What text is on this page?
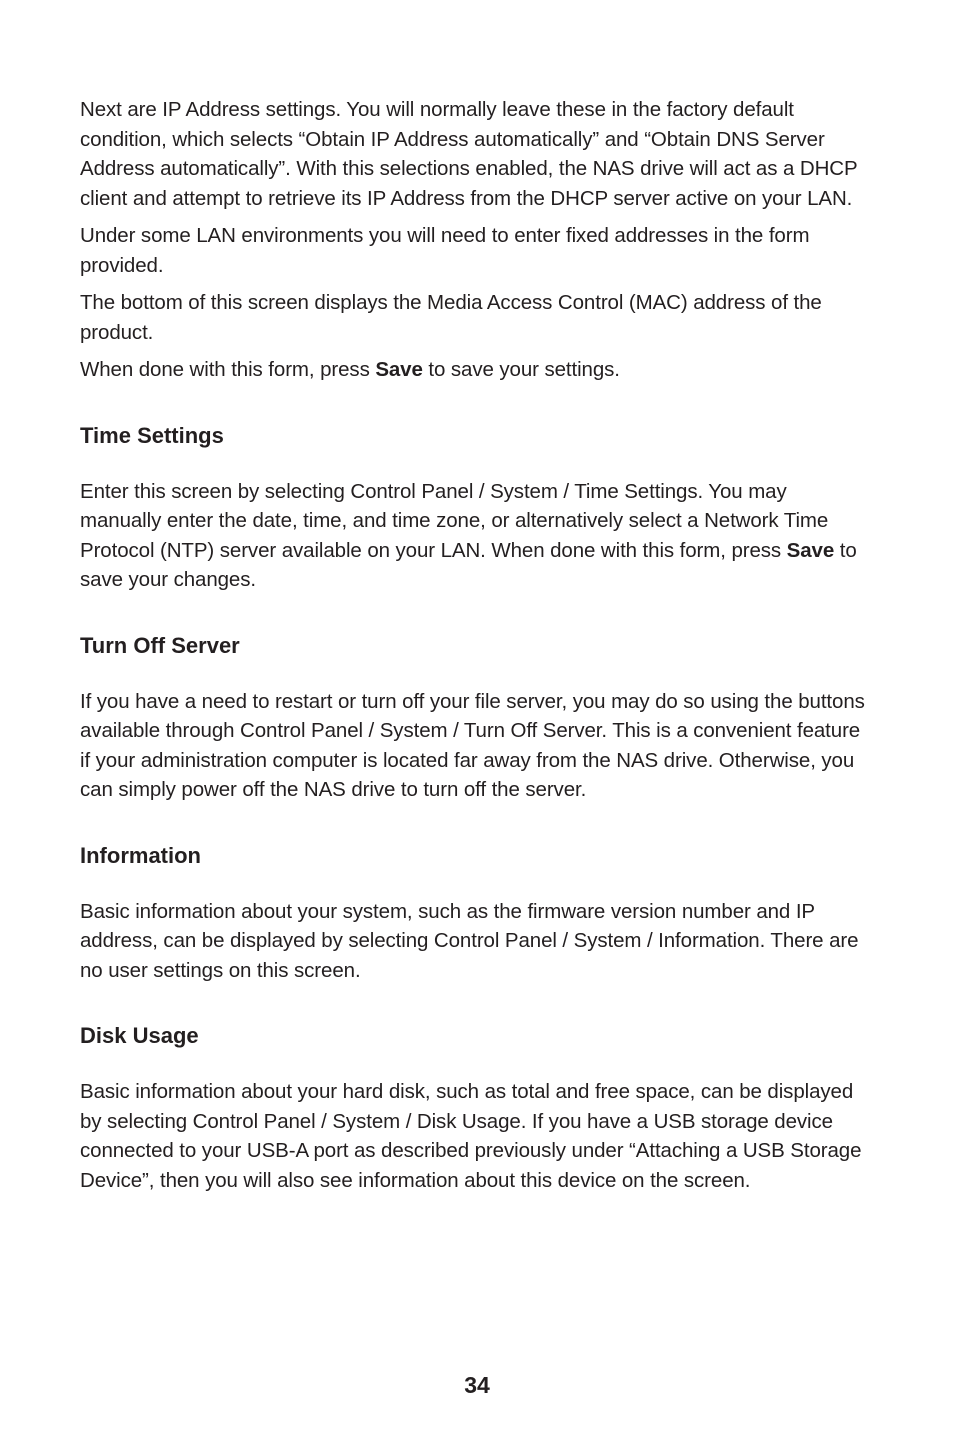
Next are IP Address settings. You will normally leave these in the factory default condition, which selects “Obtain IP Address automatically” and “Obtain DNS Server Address automatically”. With this selections enabled, the NAS drive will act as a DHCP client and attempt to retrieve its IP Address from the DHCP server active on your LAN.

Under some LAN environments you will need to enter fixed addresses in the form provided.

The bottom of this screen displays the Media Access Control (MAC) address of the product.

When done with this form, press Save to save your settings.

Time Settings

Enter this screen by selecting Control Panel / System / Time Settings. You may manually enter the date, time, and time zone, or alternatively select a Network Time Protocol (NTP) server available on your LAN. When done with this form, press Save to save your changes.

Turn Off Server

If you have a need to restart or turn off your file server, you may do so using the buttons available through Control Panel / System / Turn Off Server. This is a convenient feature if your administration computer is located far away from the NAS drive. Otherwise, you can simply power off the NAS drive to turn off the server.

Information

Basic information about your system, such as the firmware version number and IP address, can be displayed by selecting Control Panel / System / Information. There are no user settings on this screen.

Disk Usage

Basic information about your hard disk, such as total and free space, can be displayed by selecting Control Panel / System / Disk Usage. If you have a USB storage device connected to your USB-A port as described previously under “Attaching a USB Storage Device”, then you will also see information about this device on the screen.

34
